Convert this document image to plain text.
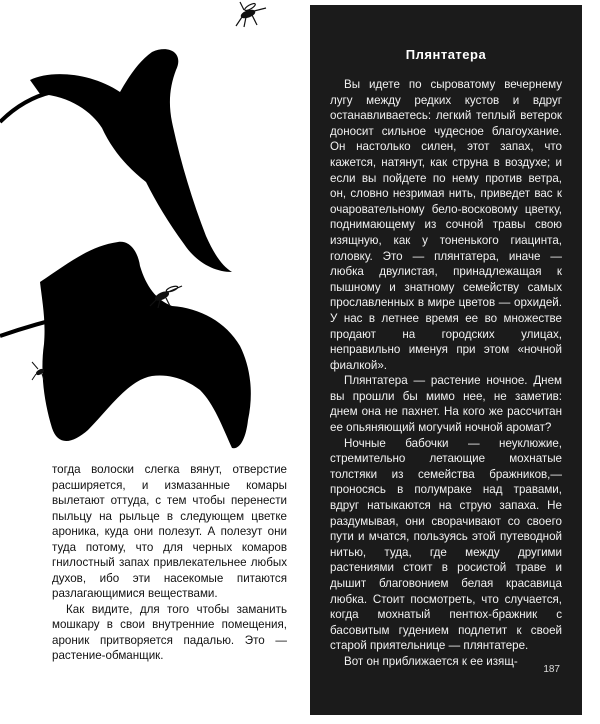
тогда волоски слегка вянут, отверстие расширяется, и измазанные комары вылетают оттуда, с тем чтобы перенести пыльцу на рыльце в следующем цветке ароника, куда они полезут. А полезут они туда потому, что для черных комаров гнилостный запах привлекательнее любых духов, ибо эти насекомые питаются разлагающимися веществами.

Как видите, для того чтобы заманить мошкару в свои внутренние помещения, ароник притворяется падалью. Это — растение-обманщик.

Плянтатера

Вы идете по сыроватому вечернему лугу между редких кустов и вдруг останавливаетесь: легкий теплый ветерок доносит сильное чудесное благоухание. Он настолько силен, этот запах, что кажется, натянут, как струна в воздухе; и если вы пойдете по нему против ветра, он, словно незримая нить, приведет вас к очаровательному бело-восковому цветку, поднимающему из сочной травы свою изящную, как у тоненького гиацинта, головку. Это — плянтатера, иначе — любка двулистая, принадлежащая к пышному и знатному семейству самых прославленных в мире цветов — орхидей. У нас в летнее время ее во множестве продают на городских улицах, неправильно именуя при этом «ночной фиалкой».

Плянтатера — растение ночное. Днем вы прошли бы мимо нее, не заметив: днем она не пахнет. На кого же рассчитан ее опьяняющий могучий ночной аромат?

Ночные бабочки — неуклюжие, стремительно летающие мохнатые толстяки из семейства бражников,— проносясь в полумраке над травами, вдруг натыкаются на струю запаха. Не раздумывая, они сворачивают со своего пути и мчатся, пользуясь этой путеводной нитью, туда, где между другими растениями стоит в росистой траве и дышит благовонием белая красавица любка. Стоит посмотреть, что случается, когда мохнатый пентюх-бражник с басовитым гудением подлетит к своей старой приятельнице — плянтатере.

Вот он приближается к ее изящ-

187
